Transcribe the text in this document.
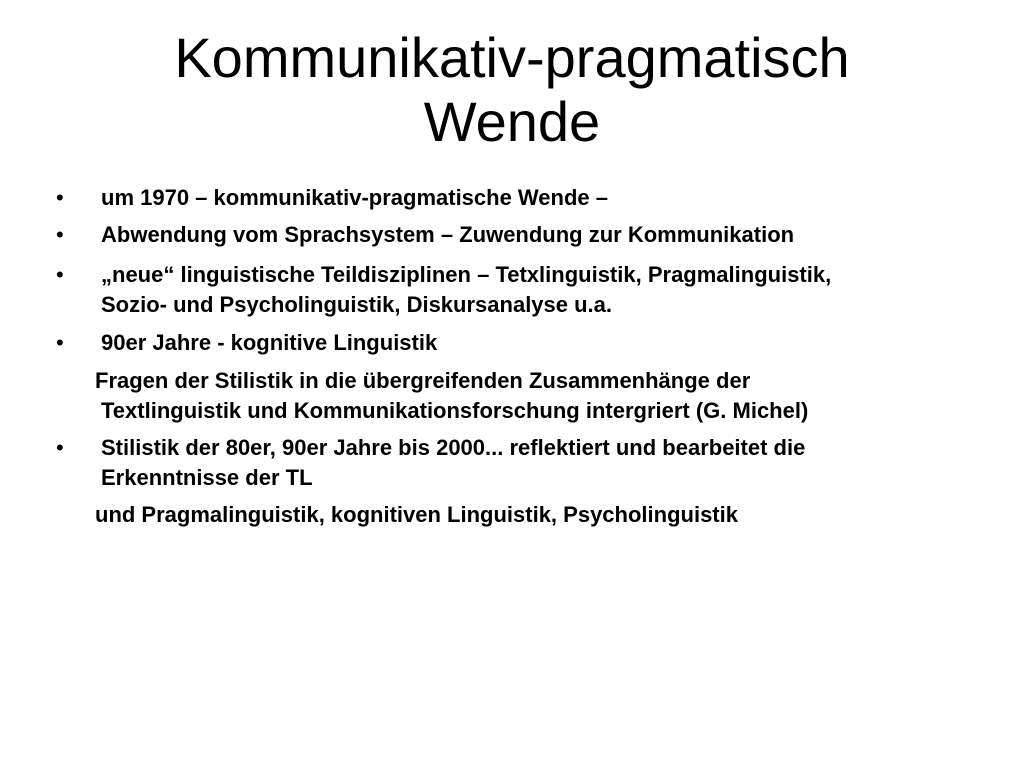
Kommunikativ-pragmatisch
Wende
•	um 1970 – kommunikativ-pragmatische Wende –
•	Abwendung vom Sprachsystem – Zuwendung zur Kommunikation
•	„neue“ linguistische Teildisziplinen – Tetxlinguistik, Pragmalinguistik,
Sozio- und Psycholinguistik, Diskursanalyse u.a.
•	90er Jahre - kognitive Linguistik
Fragen der Stilistik in die übergreifenden Zusammenhänge der
Textlinguistik und Kommunikationsforschung intergriert (G. Michel)
•	Stilistik der 80er, 90er Jahre bis 2000... reflektiert und bearbeitet die
Erkenntnisse der TL
und Pragmalinguistik, kognitiven Linguistik, Psycholinguistik
